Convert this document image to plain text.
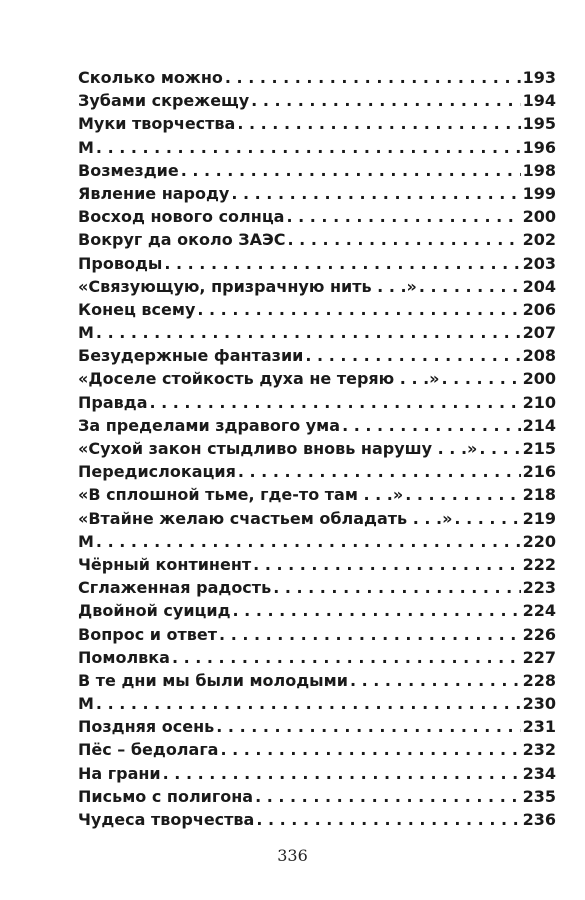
Сколько можно . . .	193
Зубами скрежещу . . .	194
Муки творчества . . .	195
М . . .	196
Возмездие . . .	198
Явление народу . . .	199
Восход нового солнца . . .	200
Вокруг да около ЗАЭС . . .	202
Проводы . . .	203
«Связующую, призрачную нить . . .» . . .	204
Конец всему . . .	206
М . . .	207
Безудержные фантазии . . .	208
«Доселе стойкость духа не теряю . . .» . . .	200
Правда . . .	210
За пределами здравого ума . . .	214
«Сухой закон стыдливо вновь нарушу . . .» . . .	215
Передислокация . . .	216
«В сплошной тьме, где-то там . . .» . . .	218
«Втайне желаю счастьем обладать . . .» . . .	219
М . . .	220
Чёрный континент . . .	222
Сглаженная радость . . .	223
Двойной суицид . . .	224
Вопрос и ответ . . .	226
Помолвка . . .	227
В те дни мы были молодыми . . .	228
М . . .	230
Поздняя осень . . .	231
Пёс – бедолага . . .	232
На грани . . .	234
Письмо с полигона . . .	235
Чудеса творчества . . .	236
336
